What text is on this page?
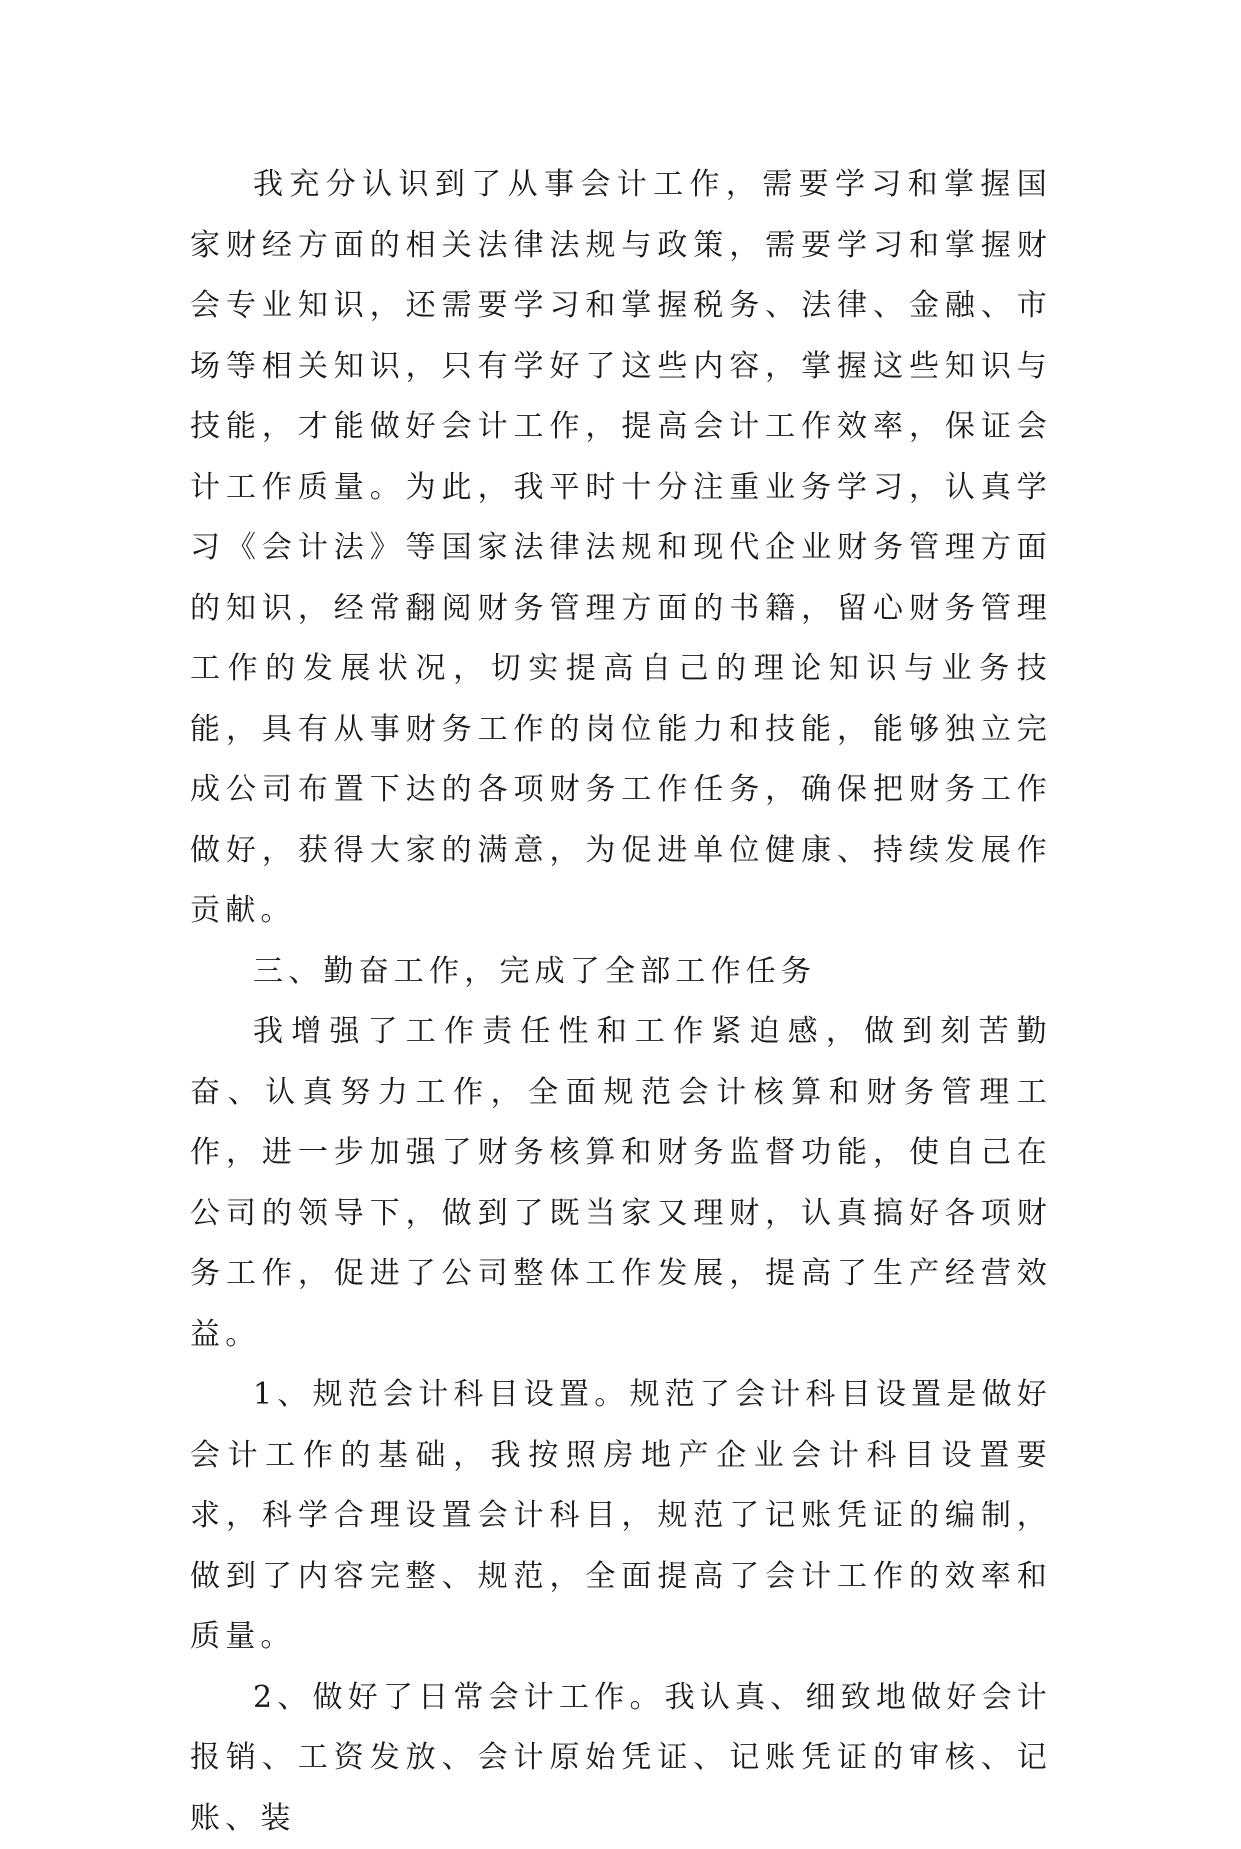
我充分认识到了从事会计工作，需要学习和掌握国家财经方面的相关法律法规与政策，需要学习和掌握财会专业知识，还需要学习和掌握税务、法律、金融、市场等相关知识，只有学好了这些内容，掌握这些知识与技能，才能做好会计工作，提高会计工作效率，保证会计工作质量。为此，我平时十分注重业务学习，认真学习《会计法》等国家法律法规和现代企业财务管理方面的知识，经常翻阅财务管理方面的书籍，留心财务管理工作的发展状况，切实提高自己的理论知识与业务技能，具有从事财务工作的岗位能力和技能，能够独立完成公司布置下达的各项财务工作任务，确保把财务工作做好，获得大家的满意，为促进单位健康、持续发展作贡献。

三、勤奋工作，完成了全部工作任务

我增强了工作责任性和工作紧迫感，做到刻苦勤奋、认真努力工作，全面规范会计核算和财务管理工作，进一步加强了财务核算和财务监督功能，使自己在公司的领导下，做到了既当家又理财，认真搞好各项财务工作，促进了公司整体工作发展，提高了生产经营效益。

1、规范会计科目设置。规范了会计科目设置是做好会计工作的基础，我按照房地产企业会计科目设置要求，科学合理设置会计科目，规范了记账凭证的编制，做到了内容完整、规范，全面提高了会计工作的效率和质量。

2、做好了日常会计工作。我认真、细致地做好会计报销、工资发放、会计原始凭证、记账凭证的审核、记账、装
